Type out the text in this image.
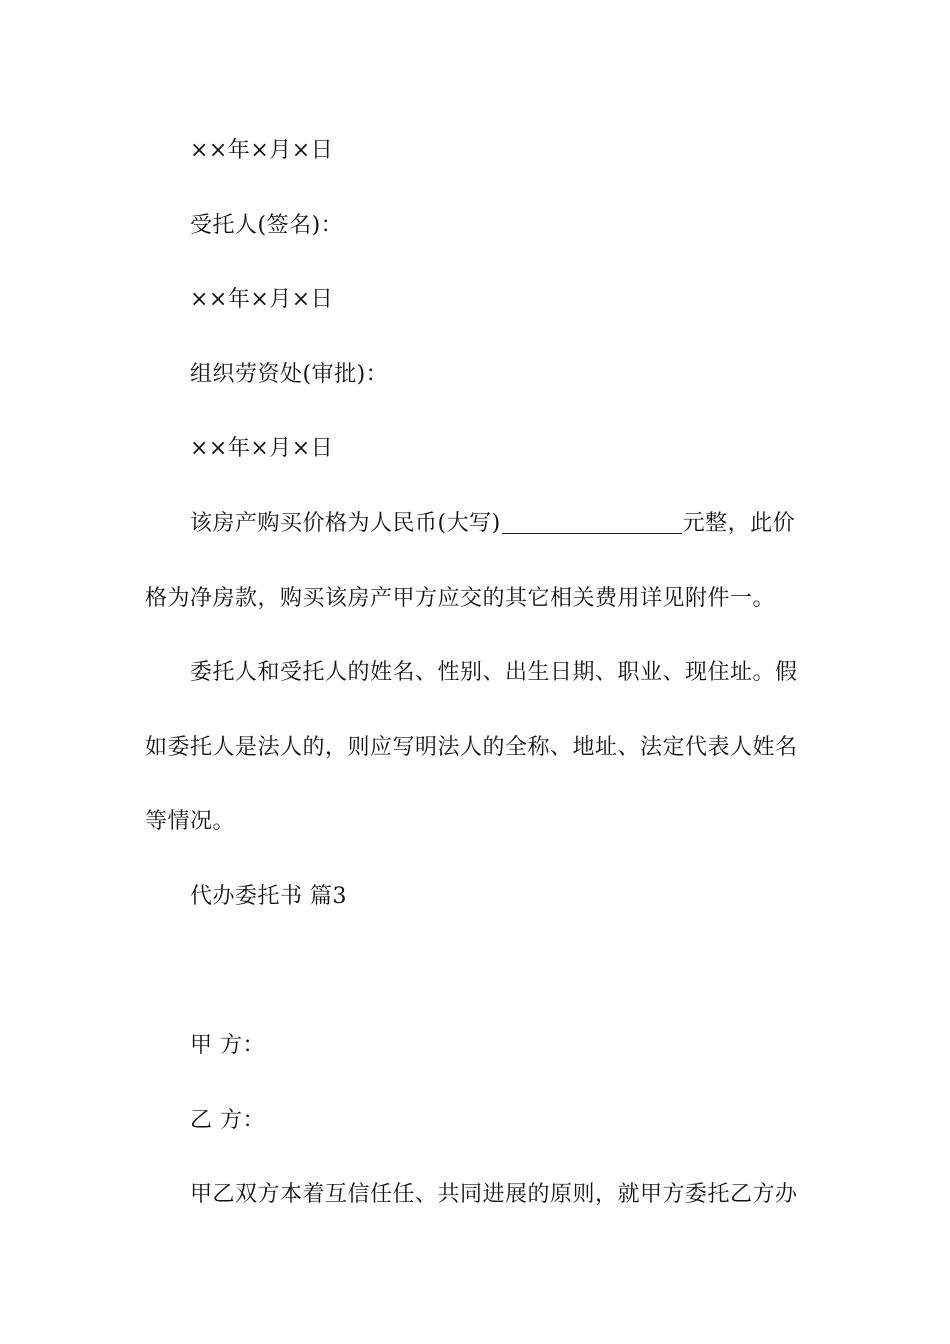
××年×月×日
受托人(签名)：
××年×月×日
组织劳资处(审批)：
××年×月×日
该房产购买价格为人民币(大写)	元整，此价
格为净房款，购买该房产甲方应交的其它相关费用详见附件一。
委托人和受托人的姓名、性别、出生日期、职业、现住址。假
如委托人是法人的，则应写明法人的全称、地址、法定代表人姓名
等情况。
代办委托书 篇3
甲 方：
乙 方：
甲乙双方本着互信任任、共同进展的原则，就甲方委托乙方办
